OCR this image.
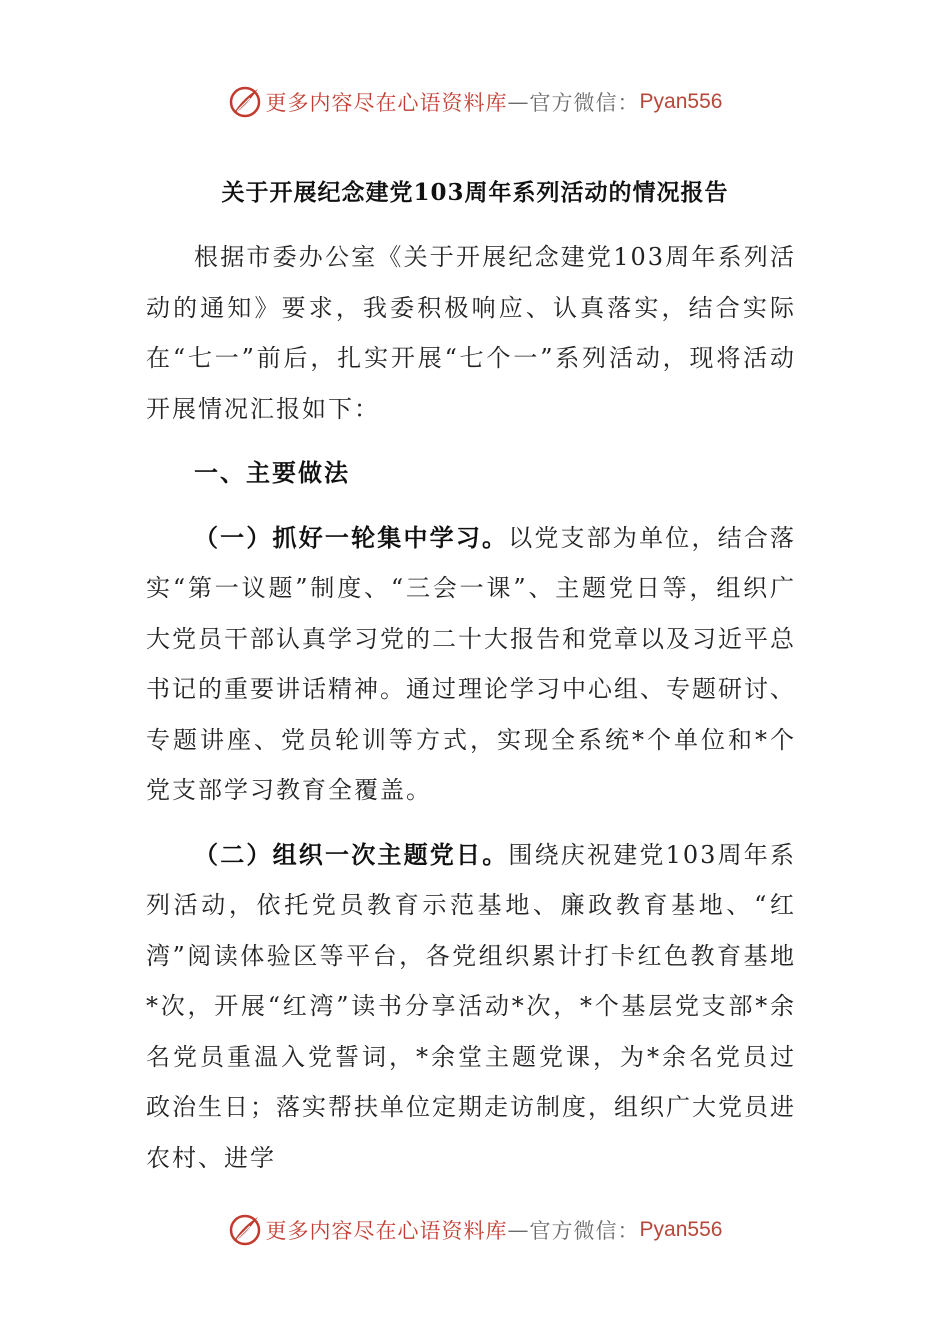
更多内容尽在心语资料库 — 官方微信： Pyan556
关于开展纪念建党103周年系列活动的情况报告

根据市委办公室《关于开展纪念建党103周年系列活动的通知》要求，我委积极响应、认真落实，结合实际在“七一”前后，扎实开展“七个一”系列活动，现将活动开展情况汇报如下：

一、主要做法

（一）抓好一轮集中学习。以党支部为单位，结合落实“第一议题”制度、“三会一课”、主题党日等，组织广大党员干部认真学习党的二十大报告和党章以及习近平总书记的重要讲话精神。通过理论学习中心组、专题研讨、专题讲座、党员轮训等方式，实现全系统*个单位和*个党支部学习教育全覆盖。

（二）组织一次主题党日。围绕庆祝建党103周年系列活动，依托党员教育示范基地、廉政教育基地、“红湾”阅读体验区等平台，各党组织累计打卡红色教育基地*次，开展“红湾”读书分享活动*次，*个基层党支部*余名党员重温入党誓词，*余堂主题党课，为*余名党员过政治生日；落实帮扶单位定期走访制度，组织广大党员进农村、进学

更多内容尽在心语资料库 — 官方微信： Pyan556
